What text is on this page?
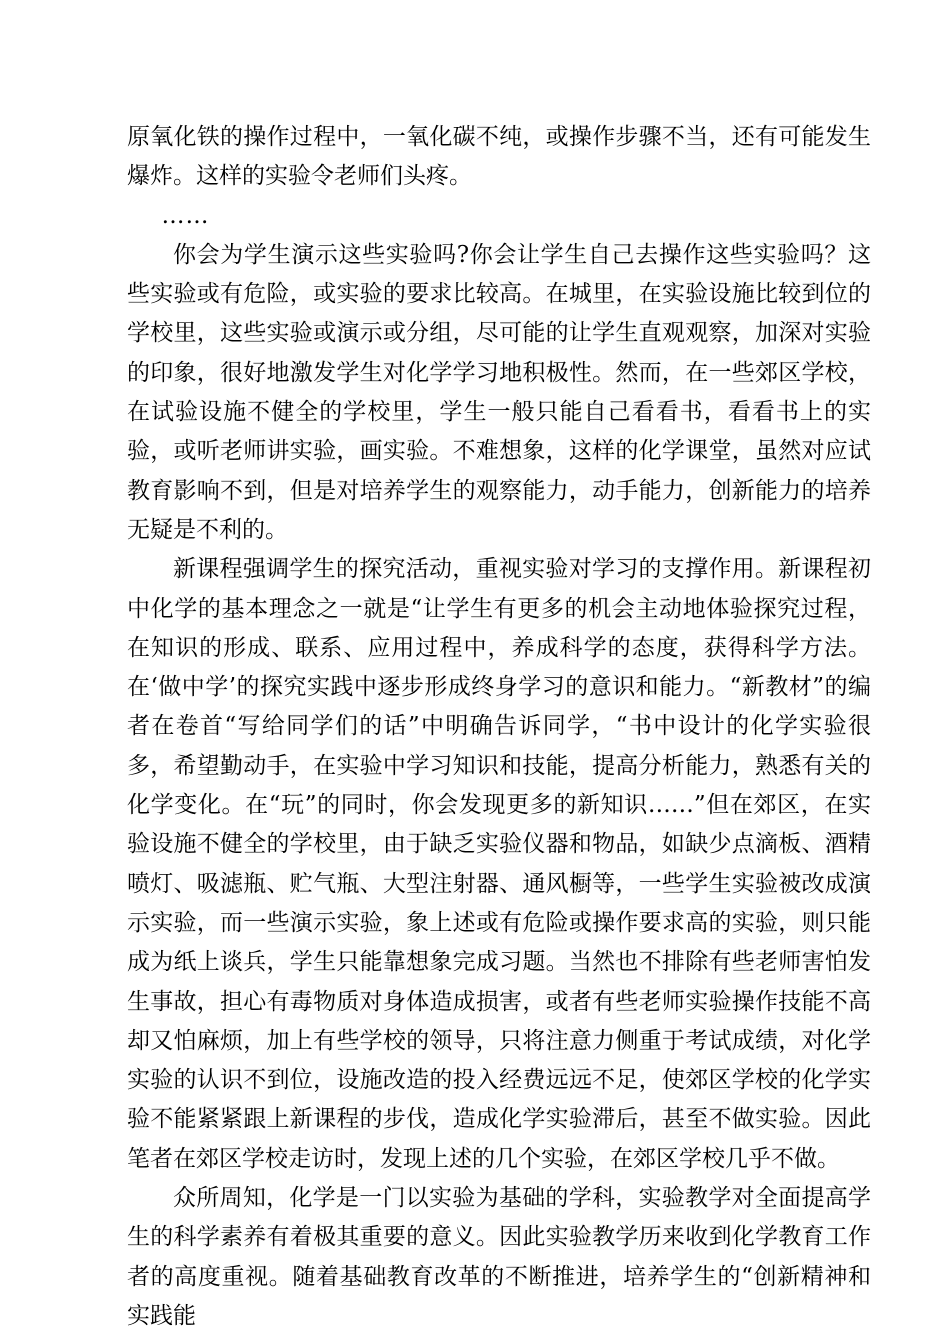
原氧化铁的操作过程中，一氧化碳不纯，或操作步骤不当，还有可能发生爆炸。这样的实验令老师们头疼。

……

你会为学生演示这些实验吗?你会让学生自己去操作这些实验吗？这些实验或有危险，或实验的要求比较高。在城里，在实验设施比较到位的学校里，这些实验或演示或分组，尽可能的让学生直观观察，加深对实验的印象，很好地激发学生对化学学习地积极性。然而，在一些郊区学校，在试验设施不健全的学校里，学生一般只能自己看看书，看看书上的实验，或听老师讲实验，画实验。不难想象，这样的化学课堂，虽然对应试教育影响不到，但是对培养学生的观察能力，动手能力，创新能力的培养无疑是不利的。

新课程强调学生的探究活动，重视实验对学习的支撑作用。新课程初中化学的基本理念之一就是“让学生有更多的机会主动地体验探究过程，在知识的形成、联系、应用过程中，养成科学的态度，获得科学方法。在‘做中学’的探究实践中逐步形成终身学习的意识和能力。“新教材”的编者在卷首“写给同学们的话”中明确告诉同学，“书中设计的化学实验很多，希望勤动手，在实验中学习知识和技能，提高分析能力，熟悉有关的化学变化。在“玩”的同时，你会发现更多的新知识……”但在郊区，在实验设施不健全的学校里，由于缺乏实验仪器和物品，如缺少点滴板、酒精喷灯、吸滤瓶、贮气瓶、大型注射器、通风橱等，一些学生实验被改成演示实验，而一些演示实验，象上述或有危险或操作要求高的实验，则只能成为纸上谈兵，学生只能靠想象完成习题。当然也不排除有些老师害怕发生事故，担心有毒物质对身体造成损害，或者有些老师实验操作技能不高却又怕麻烦，加上有些学校的领导，只将注意力侧重于考试成绩，对化学实验的认识不到位，设施改造的投入经费远远不足，使郊区学校的化学实验不能紧紧跟上新课程的步伐，造成化学实验滞后，甚至不做实验。因此笔者在郊区学校走访时，发现上述的几个实验，在郊区学校几乎不做。

众所周知，化学是一门以实验为基础的学科，实验教学对全面提高学生的科学素养有着极其重要的意义。因此实验教学历来收到化学教育工作者的高度重视。随着基础教育改革的不断推进，培养学生的“创新精神和实践能
